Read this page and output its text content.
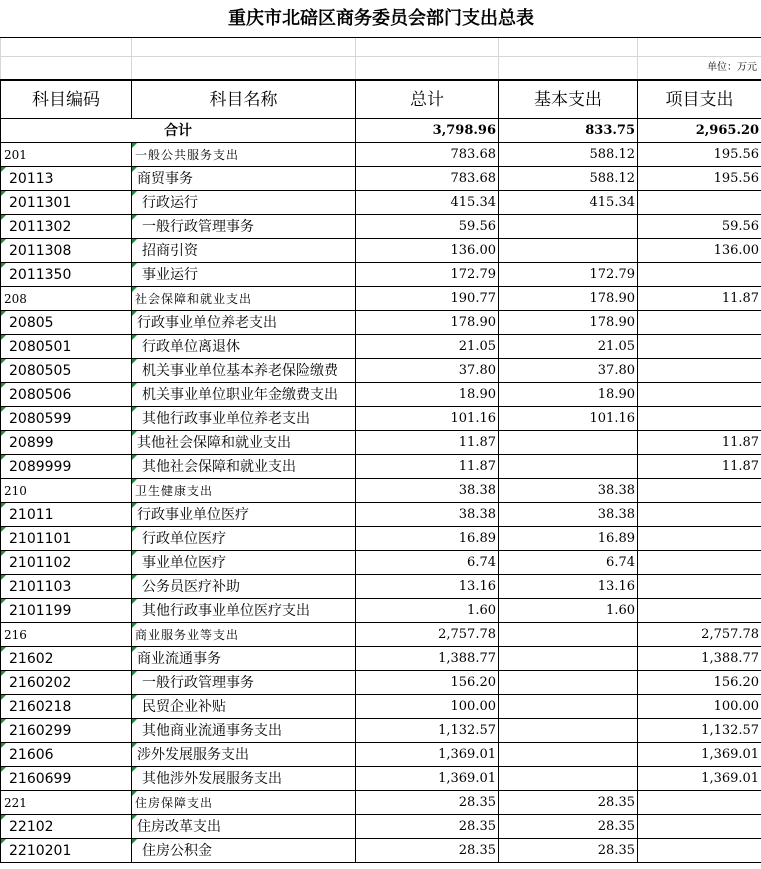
重庆市北碚区商务委员会部门支出总表				

				单位：万元
科目编码	科目名称	总计	基本支出	项目支出
合计		3,798.96	833.75	2,965.20
201	一般公共服务支出	783.68	588.12	195.56
20113	商贸事务	783.68	588.12	195.56
2011301	行政运行	415.34	415.34	
2011302	一般行政管理事务	59.56		59.56
2011308	招商引资	136.00		136.00
2011350	事业运行	172.79	172.79	
208	社会保障和就业支出	190.77	178.90	11.87
20805	行政事业单位养老支出	178.90	178.90	
2080501	行政单位离退休	21.05	21.05	
2080505	机关事业单位基本养老保险缴费	37.80	37.80	
2080506	机关事业单位职业年金缴费支出	18.90	18.90	
2080599	其他行政事业单位养老支出	101.16	101.16	
20899	其他社会保障和就业支出	11.87		11.87
2089999	其他社会保障和就业支出	11.87		11.87
210	卫生健康支出	38.38	38.38	
21011	行政事业单位医疗	38.38	38.38	
2101101	行政单位医疗	16.89	16.89	
2101102	事业单位医疗	6.74	6.74	
2101103	公务员医疗补助	13.16	13.16	
2101199	其他行政事业单位医疗支出	1.60	1.60	
216	商业服务业等支出	2,757.78		2,757.78
21602	商业流通事务	1,388.77		1,388.77
2160202	一般行政管理事务	156.20		156.20
2160218	民贸企业补贴	100.00		100.00
2160299	其他商业流通事务支出	1,132.57		1,132.57
21606	涉外发展服务支出	1,369.01		1,369.01
2160699	其他涉外发展服务支出	1,369.01		1,369.01
221	住房保障支出	28.35	28.35	
22102	住房改革支出	28.35	28.35	
2210201	住房公积金	28.35	28.35	
